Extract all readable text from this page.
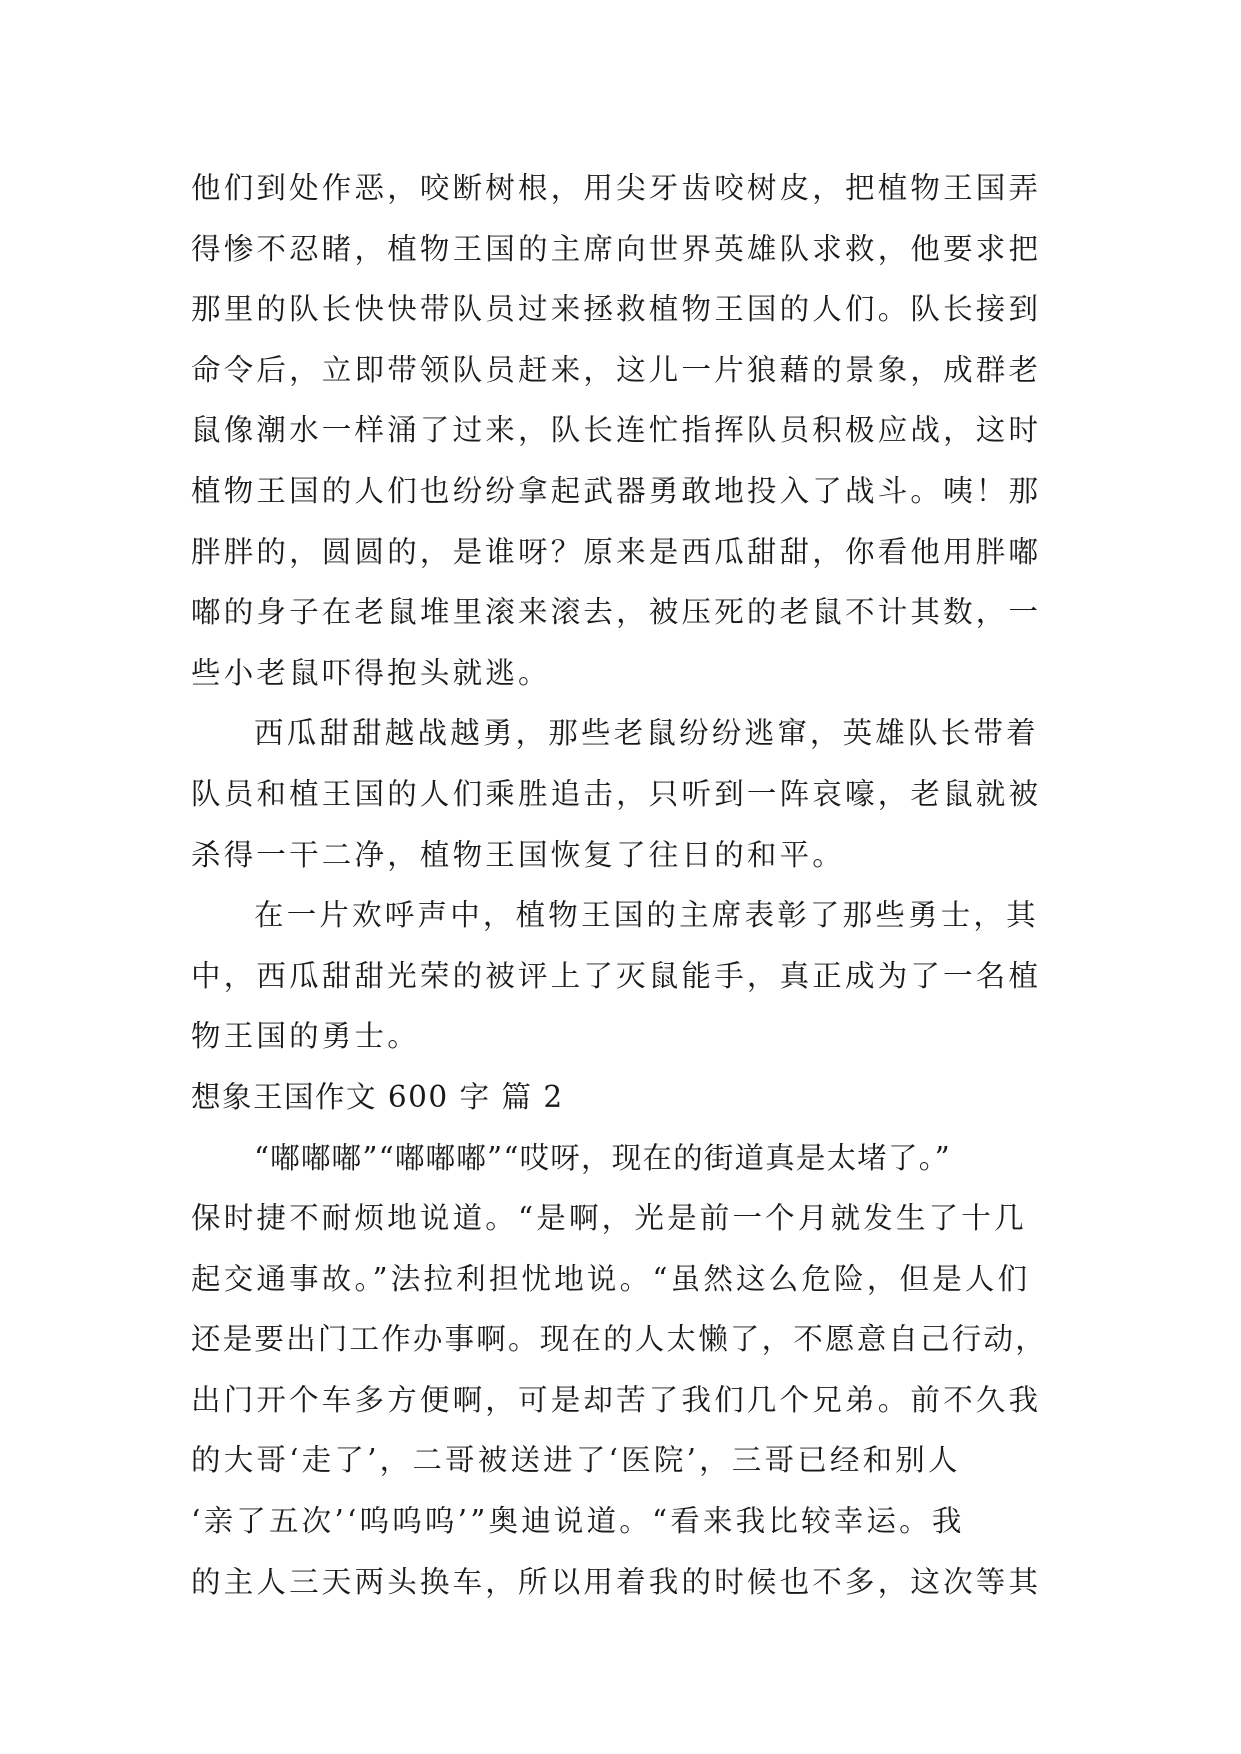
他们到处作恶，咬断树根，用尖牙齿咬树皮，把植物王国弄
得惨不忍睹，植物王国的主席向世界英雄队求救，他要求把
那里的队长快快带队员过来拯救植物王国的人们。队长接到
命令后，立即带领队员赶来，这儿一片狼藉的景象，成群老
鼠像潮水一样涌了过来，队长连忙指挥队员积极应战，这时
植物王国的人们也纷纷拿起武器勇敢地投入了战斗。咦！那
胖胖的，圆圆的，是谁呀？原来是西瓜甜甜，你看他用胖嘟
嘟的身子在老鼠堆里滚来滚去，被压死的老鼠不计其数，一
些小老鼠吓得抱头就逃。
西瓜甜甜越战越勇，那些老鼠纷纷逃窜，英雄队长带着
队员和植王国的人们乘胜追击，只听到一阵哀嚎，老鼠就被
杀得一干二净，植物王国恢复了往日的和平。
在一片欢呼声中，植物王国的主席表彰了那些勇士，其
中，西瓜甜甜光荣的被评上了灭鼠能手，真正成为了一名植
物王国的勇士。
想象王国作文 600 字 篇 2
“嘟嘟嘟”“嘟嘟嘟”“哎呀，现在的街道真是太堵了。”
保时捷不耐烦地说道。“是啊，光是前一个月就发生了十几
起交通事故。”法拉利担忧地说。“虽然这么危险，但是人们
还是要出门工作办事啊。现在的人太懒了，不愿意自己行动，
出门开个车多方便啊，可是却苦了我们几个兄弟。前不久我
的大哥‘走了’，二哥被送进了‘医院’，三哥已经和别人
‘亲了五次’‘呜呜呜’”奥迪说道。“看来我比较幸运。我
的主人三天两头换车，所以用着我的时候也不多，这次等其
